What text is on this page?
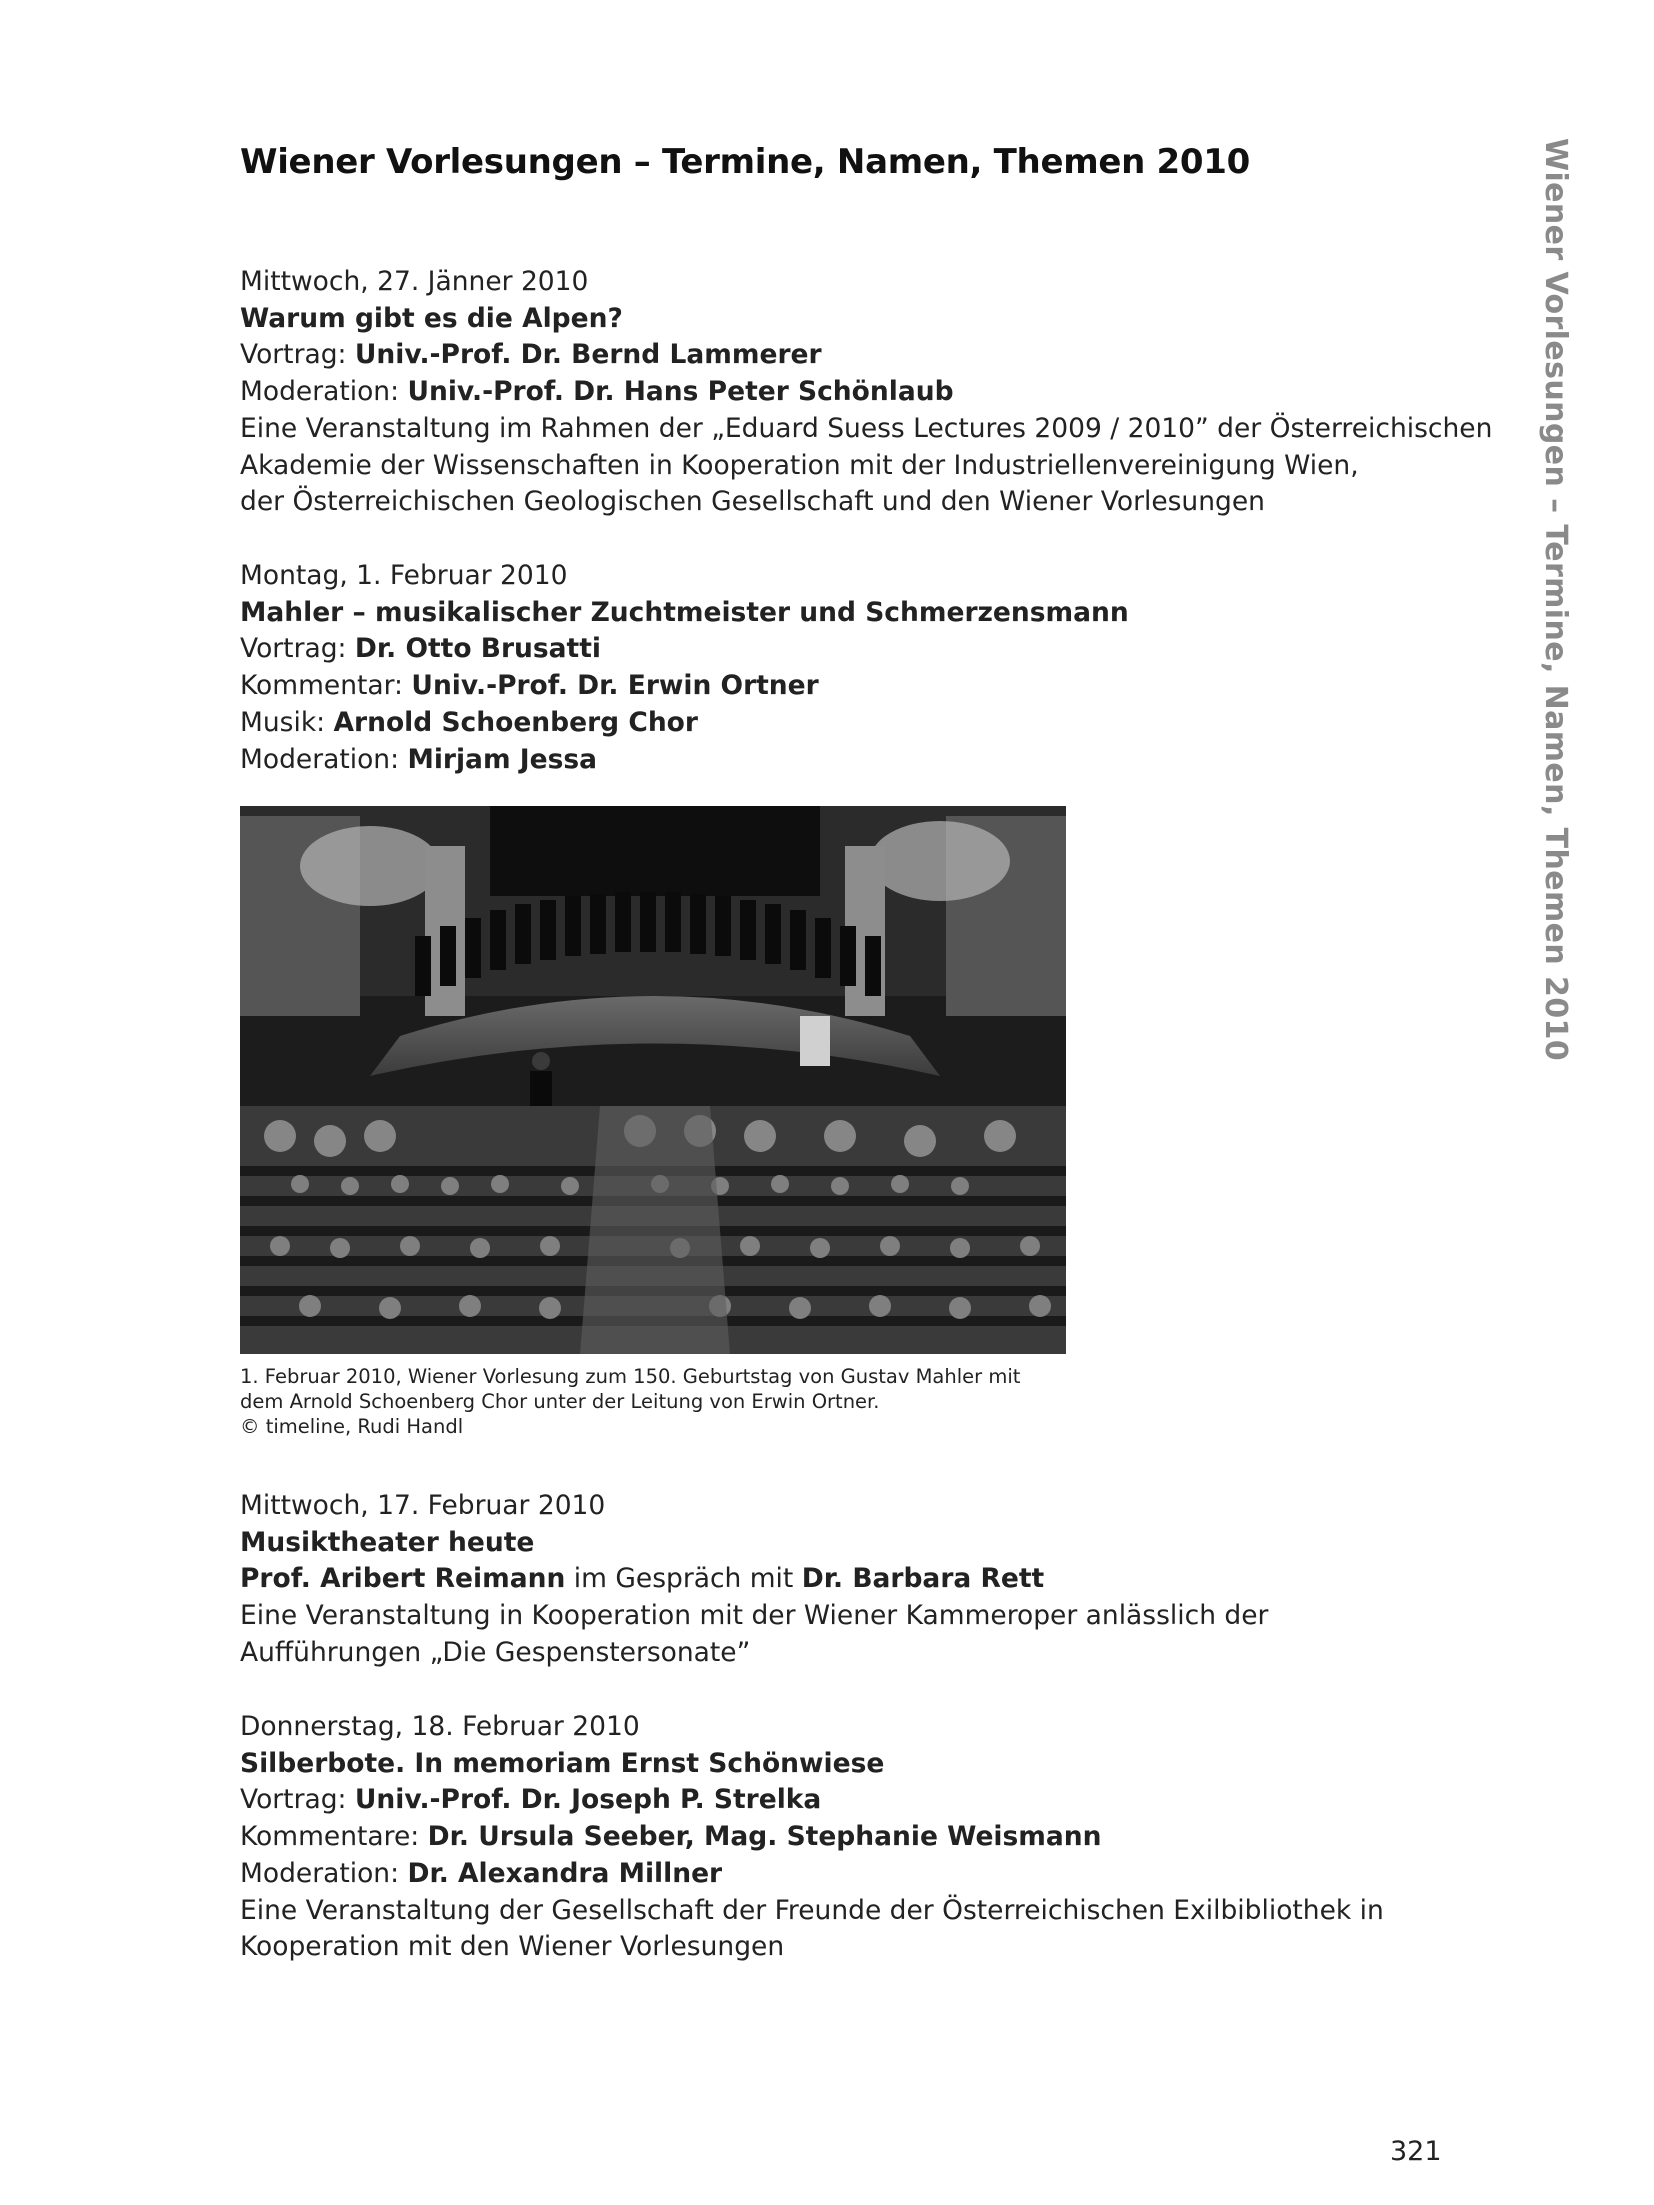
Wiener Vorlesungen – Termine, Namen, Themen 2010	Wiener Vorlesungen – Termine, Namen, Themen 2010

Mittwoch, 27. Jänner 2010

Warum gibt es die Alpen?

Vortrag: Univ.-Prof. Dr. Bernd Lammerer

Moderation: Univ.-Prof. Dr. Hans Peter Schönlaub

Eine Veranstaltung im Rahmen der „Eduard Suess Lectures 2009 / 2010” der Österreichischen

Akademie der Wissenschaften in Kooperation mit der Industriellenvereinigung Wien,

der Österreichischen Geologischen Gesellschaft und den Wiener Vorlesungen

Montag, 1. Februar 2010

Mahler – musikalischer Zuchtmeister und Schmerzensmann

Vortrag: Dr. Otto Brusatti

Kommentar: Univ.-Prof. Dr. Erwin Ortner

Musik: Arnold Schoenberg Chor

Moderation: Mirjam Jessa

1. Februar 2010, Wiener Vorlesung zum 150. Geburtstag von Gustav Mahler mit

dem Arnold Schoenberg Chor unter der Leitung von Erwin Ortner.

© timeline, Rudi Handl

Mittwoch, 17. Februar 2010

Musiktheater heute

Prof. Aribert Reimann im Gespräch mit Dr. Barbara Rett

Eine Veranstaltung in Kooperation mit der Wiener Kammeroper anlässlich der

Aufführungen „Die Gespenstersonate”

Donnerstag, 18. Februar 2010

Silberbote. In memoriam Ernst Schönwiese

Vortrag: Univ.-Prof. Dr. Joseph P. Strelka

Kommentare: Dr. Ursula Seeber, Mag. Stephanie Weismann

Moderation: Dr. Alexandra Millner

Eine Veranstaltung der Gesellschaft der Freunde der Österreichischen Exilbibliothek in

Kooperation mit den Wiener Vorlesungen

321
